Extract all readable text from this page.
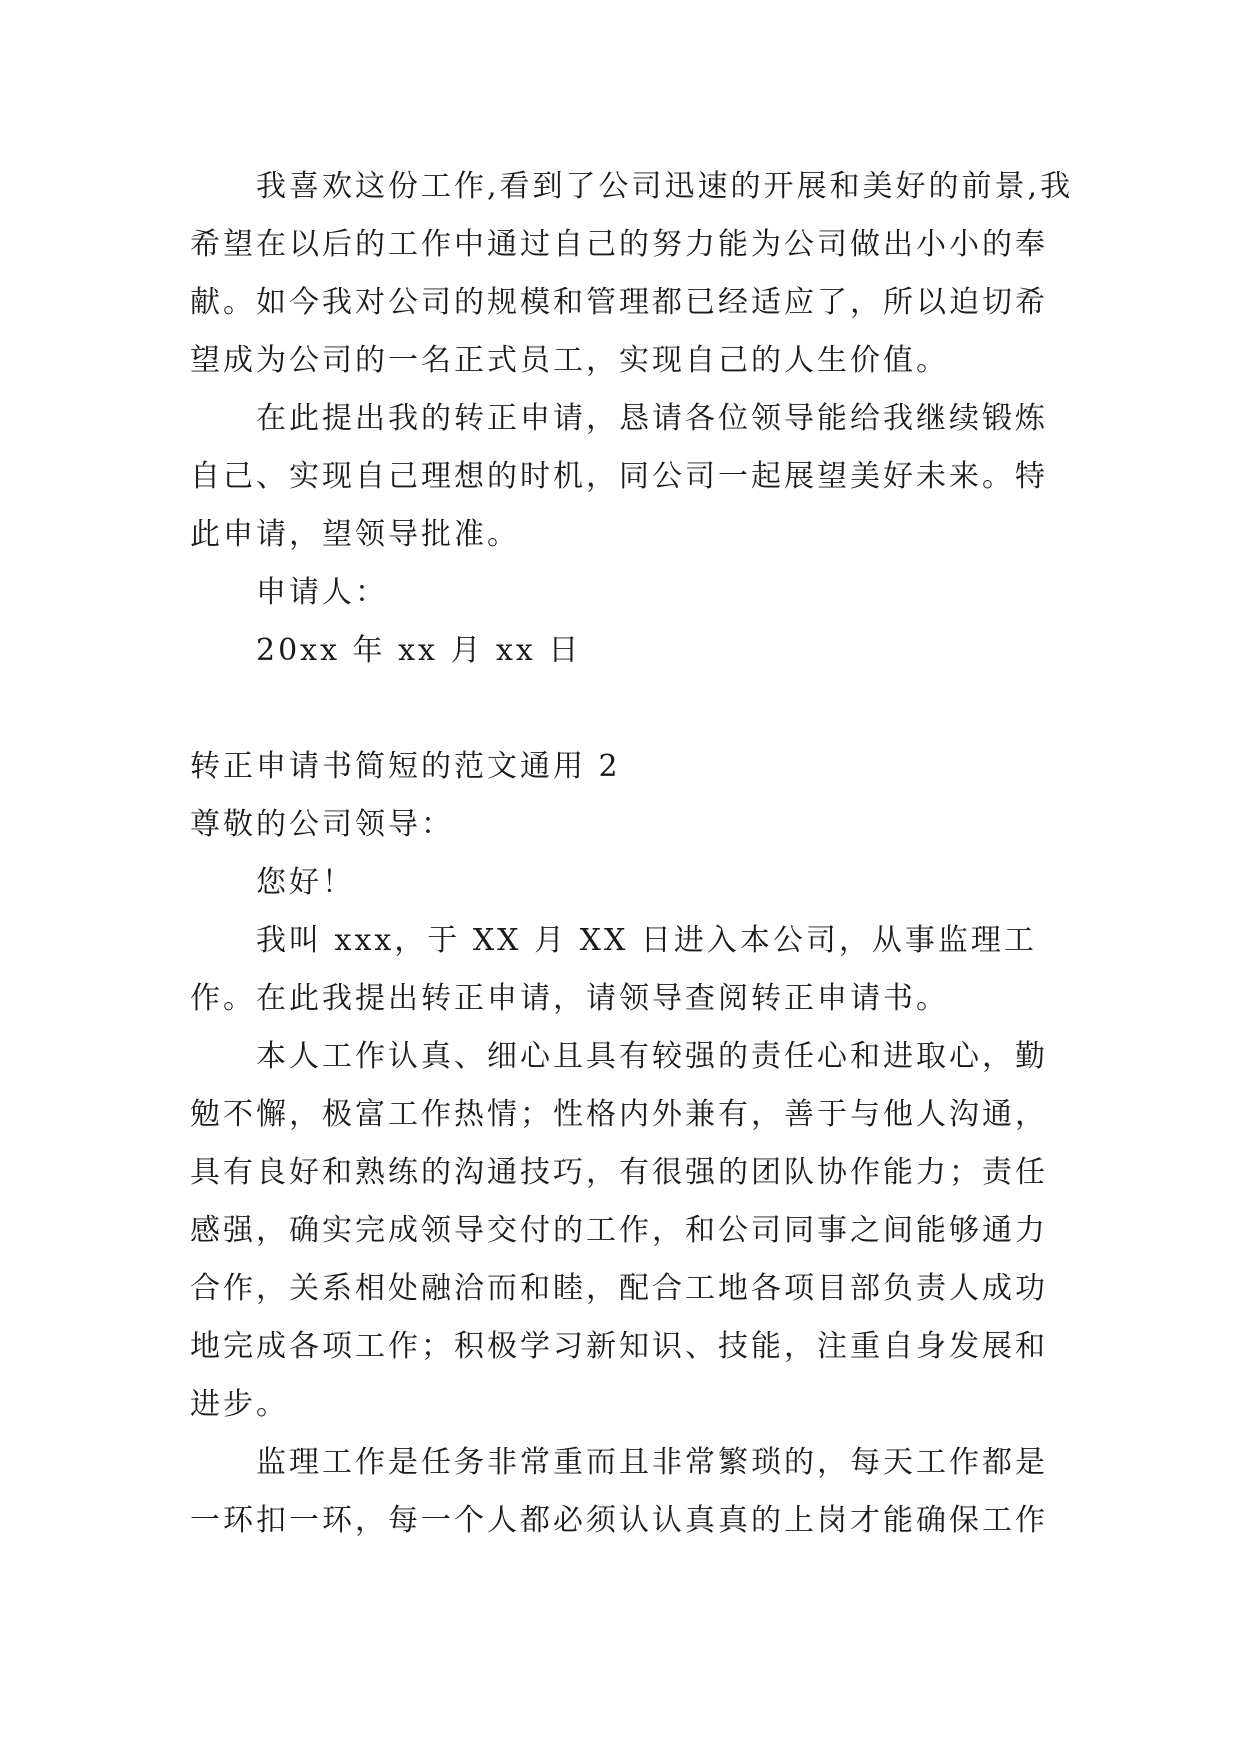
我喜欢这份工作,看到了公司迅速的开展和美好的前景,我希望在以后的工作中通过自己的努力能为公司做出小小的奉献。如今我对公司的规模和管理都已经适应了，所以迫切希望成为公司的一名正式员工，实现自己的人生价值。

在此提出我的转正申请，恳请各位领导能给我继续锻炼自己、实现自己理想的时机，同公司一起展望美好未来。特此申请，望领导批准。

申请人：

20xx 年 xx 月 xx 日

转正申请书简短的范文通用 2

尊敬的公司领导：

您好！

我叫 xxx，于 XX 月 XX 日进入本公司，从事监理工作。在此我提出转正申请，请领导查阅转正申请书。

本人工作认真、细心且具有较强的责任心和进取心，勤勉不懈，极富工作热情；性格内外兼有，善于与他人沟通，具有良好和熟练的沟通技巧，有很强的团队协作能力；责任感强，确实完成领导交付的工作，和公司同事之间能够通力合作，关系相处融洽而和睦，配合工地各项目部负责人成功地完成各项工作；积极学习新知识、技能，注重自身发展和进步。

监理工作是任务非常重而且非常繁琐的，每天工作都是一环扣一环，每一个人都必须认认真真的上岗才能确保工作
